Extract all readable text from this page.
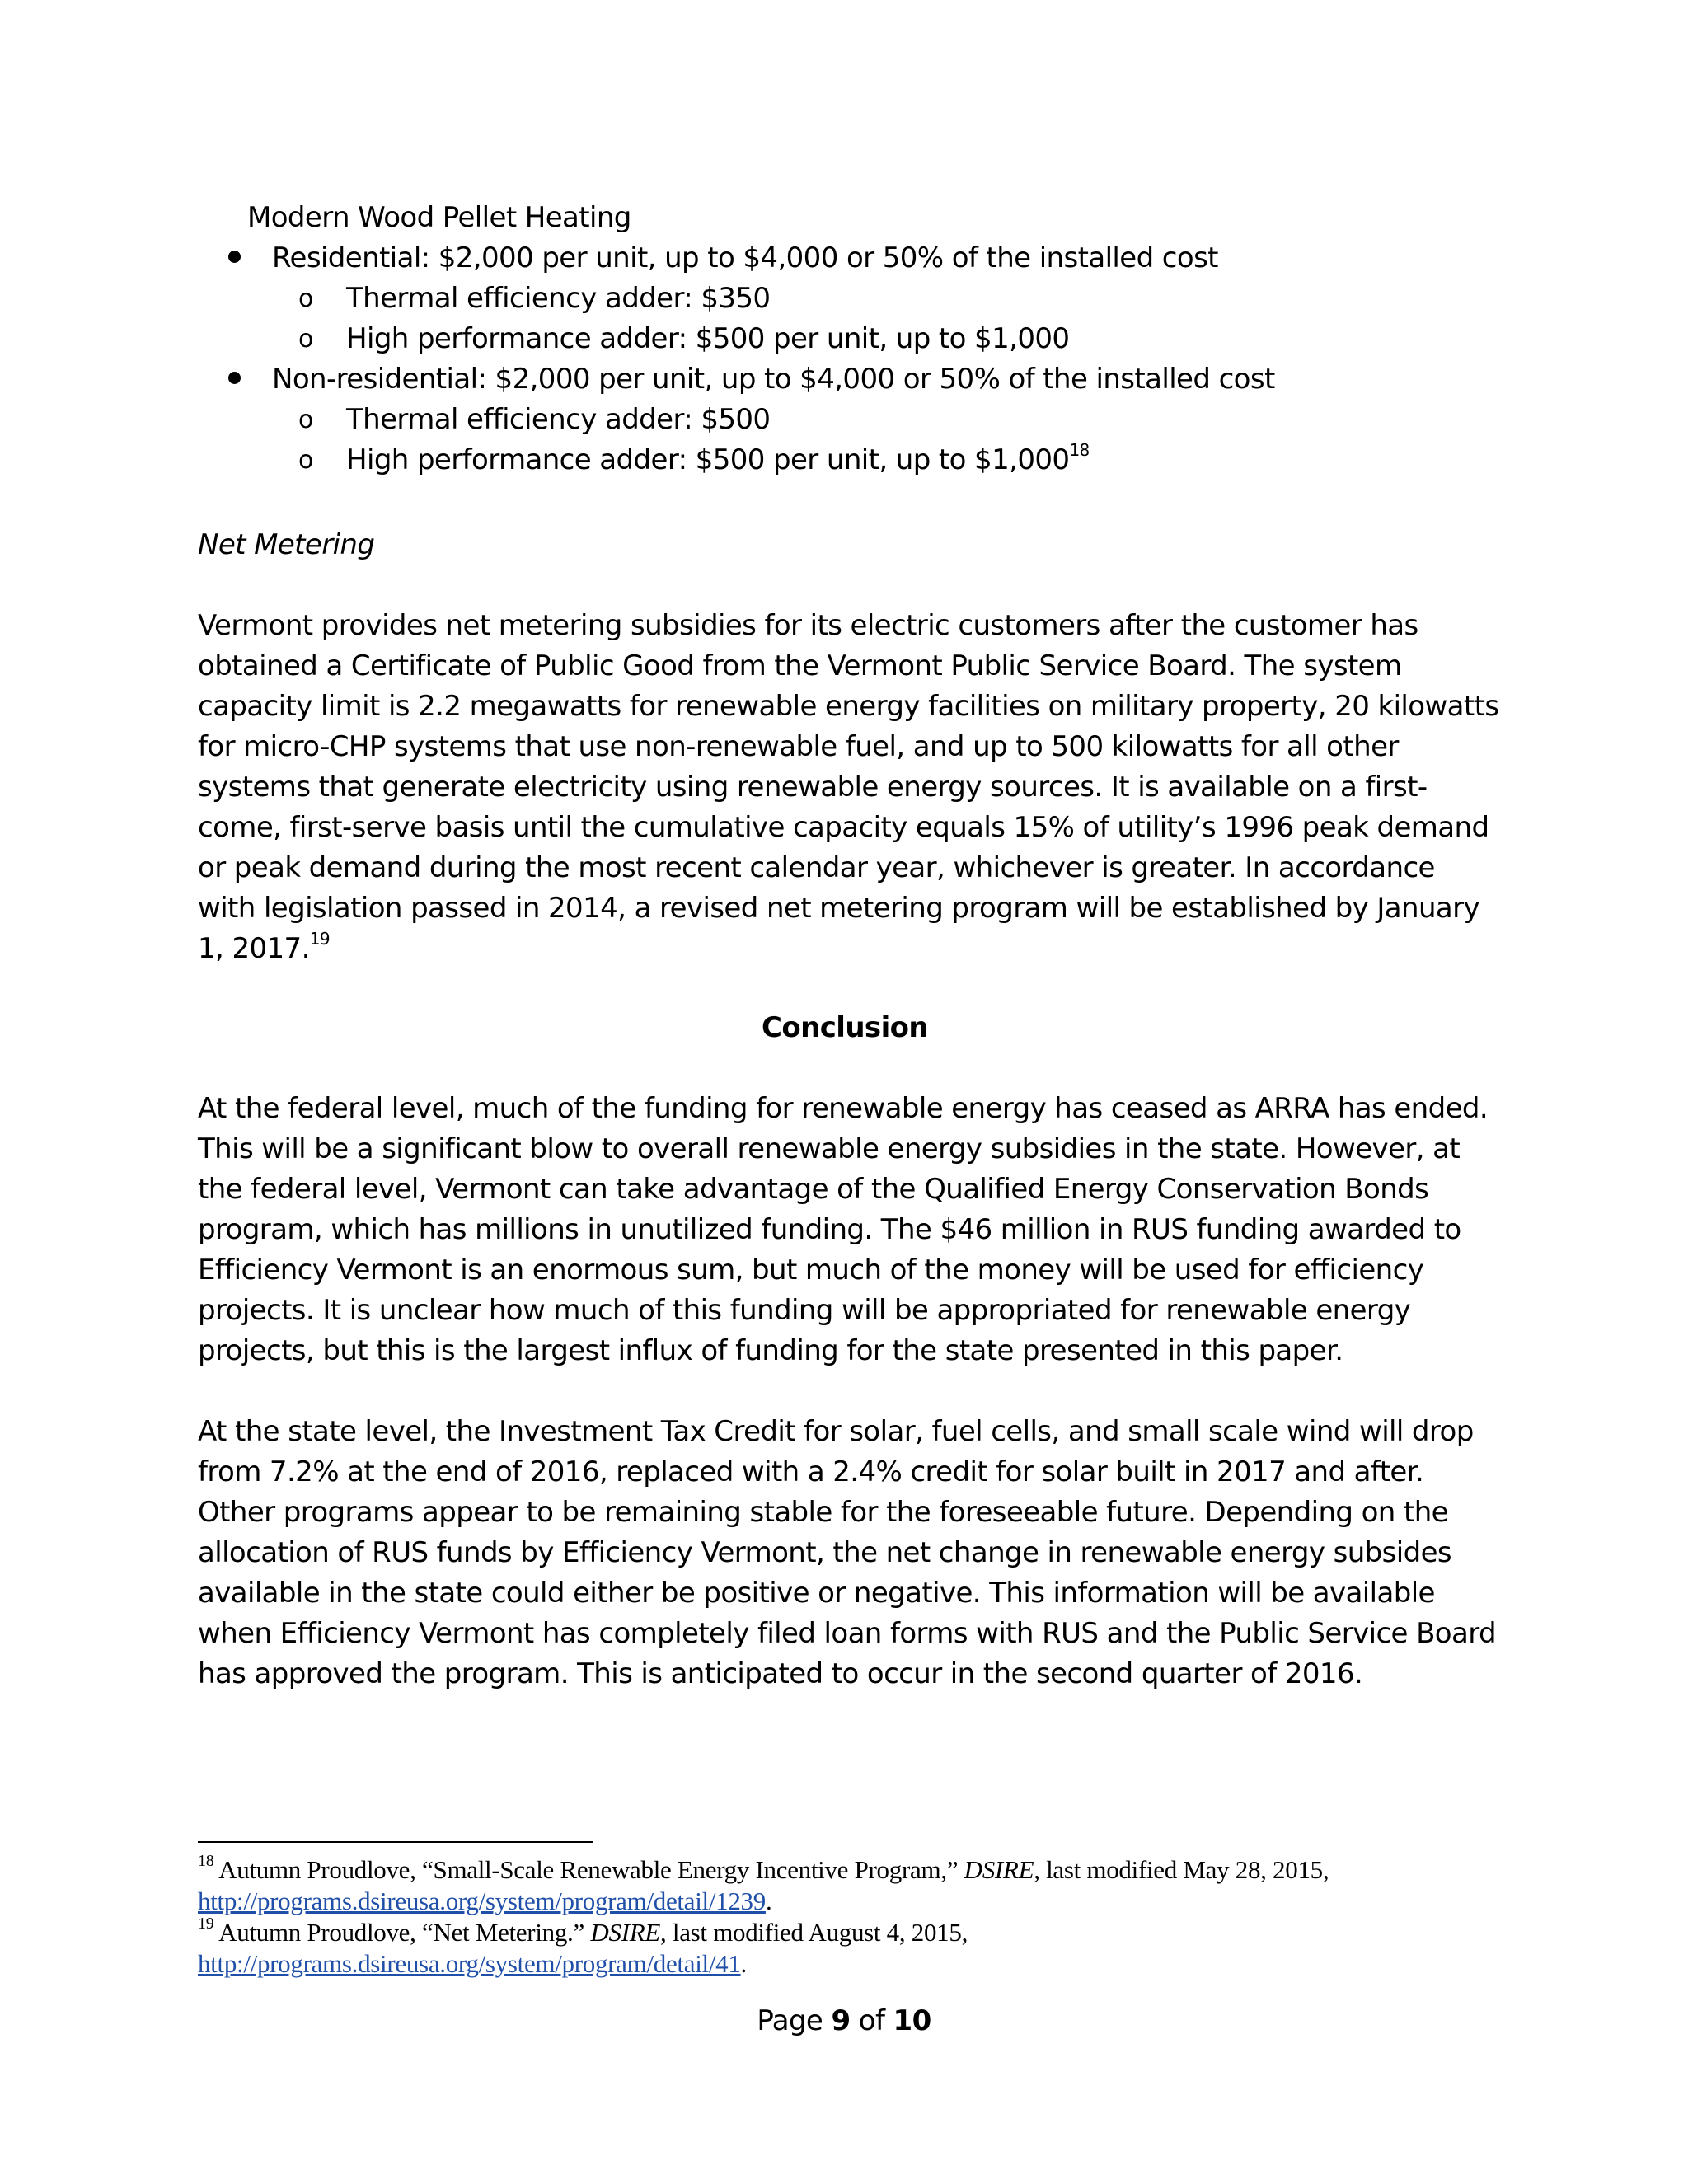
Modern Wood Pellet Heating
Residential: $2,000 per unit, up to $4,000 or 50% of the installed cost
o Thermal efficiency adder: $350
o High performance adder: $500 per unit, up to $1,000
Non-residential: $2,000 per unit, up to $4,000 or 50% of the installed cost
o Thermal efficiency adder: $500
o High performance adder: $500 per unit, up to $1,000$^{18}$
Net Metering

Vermont provides net metering subsidies for its electric customers after the customer has obtained a Certificate of Public Good from the Vermont Public Service Board. The system capacity limit is 2.2 megawatts for renewable energy facilities on military property, 20 kilowatts for micro-CHP systems that use non-renewable fuel, and up to 500 kilowatts for all other systems that generate electricity using renewable energy sources. It is available on a first-come, first-serve basis until the cumulative capacity equals 15% of utility’s 1996 peak demand or peak demand during the most recent calendar year, whichever is greater. In accordance with legislation passed in 2014, a revised net metering program will be established by January 1, 2017.19

Conclusion

At the federal level, much of the funding for renewable energy has ceased as ARRA has ended. This will be a significant blow to overall renewable energy subsidies in the state. However, at the federal level, Vermont can take advantage of the Qualified Energy Conservation Bonds program, which has millions in unutilized funding. The $46 million in RUS funding awarded to Efficiency Vermont is an enormous sum, but much of the money will be used for efficiency projects. It is unclear how much of this funding will be appropriated for renewable energy projects, but this is the largest influx of funding for the state presented in this paper.

At the state level, the Investment Tax Credit for solar, fuel cells, and small scale wind will drop from 7.2% at the end of 2016, replaced with a 2.4% credit for solar built in 2017 and after. Other programs appear to be remaining stable for the foreseeable future. Depending on the allocation of RUS funds by Efficiency Vermont, the net change in renewable energy subsides available in the state could either be positive or negative. This information will be available when Efficiency Vermont has completely filed loan forms with RUS and the Public Service Board has approved the program. This is anticipated to occur in the second quarter of 2016.

$^{18}$ Autumn Proudlove, “Small-Scale Renewable Energy Incentive Program,” DSIRE, last modified May 28, 2015,
http://programs.dsireusa.org/system/program/detail/1239.

$^{19}$ Autumn Proudlove, “Net Metering.” DSIRE, last modified August 4, 2015,
http://programs.dsireusa.org/system/program/detail/41.

Page 9 of 10
